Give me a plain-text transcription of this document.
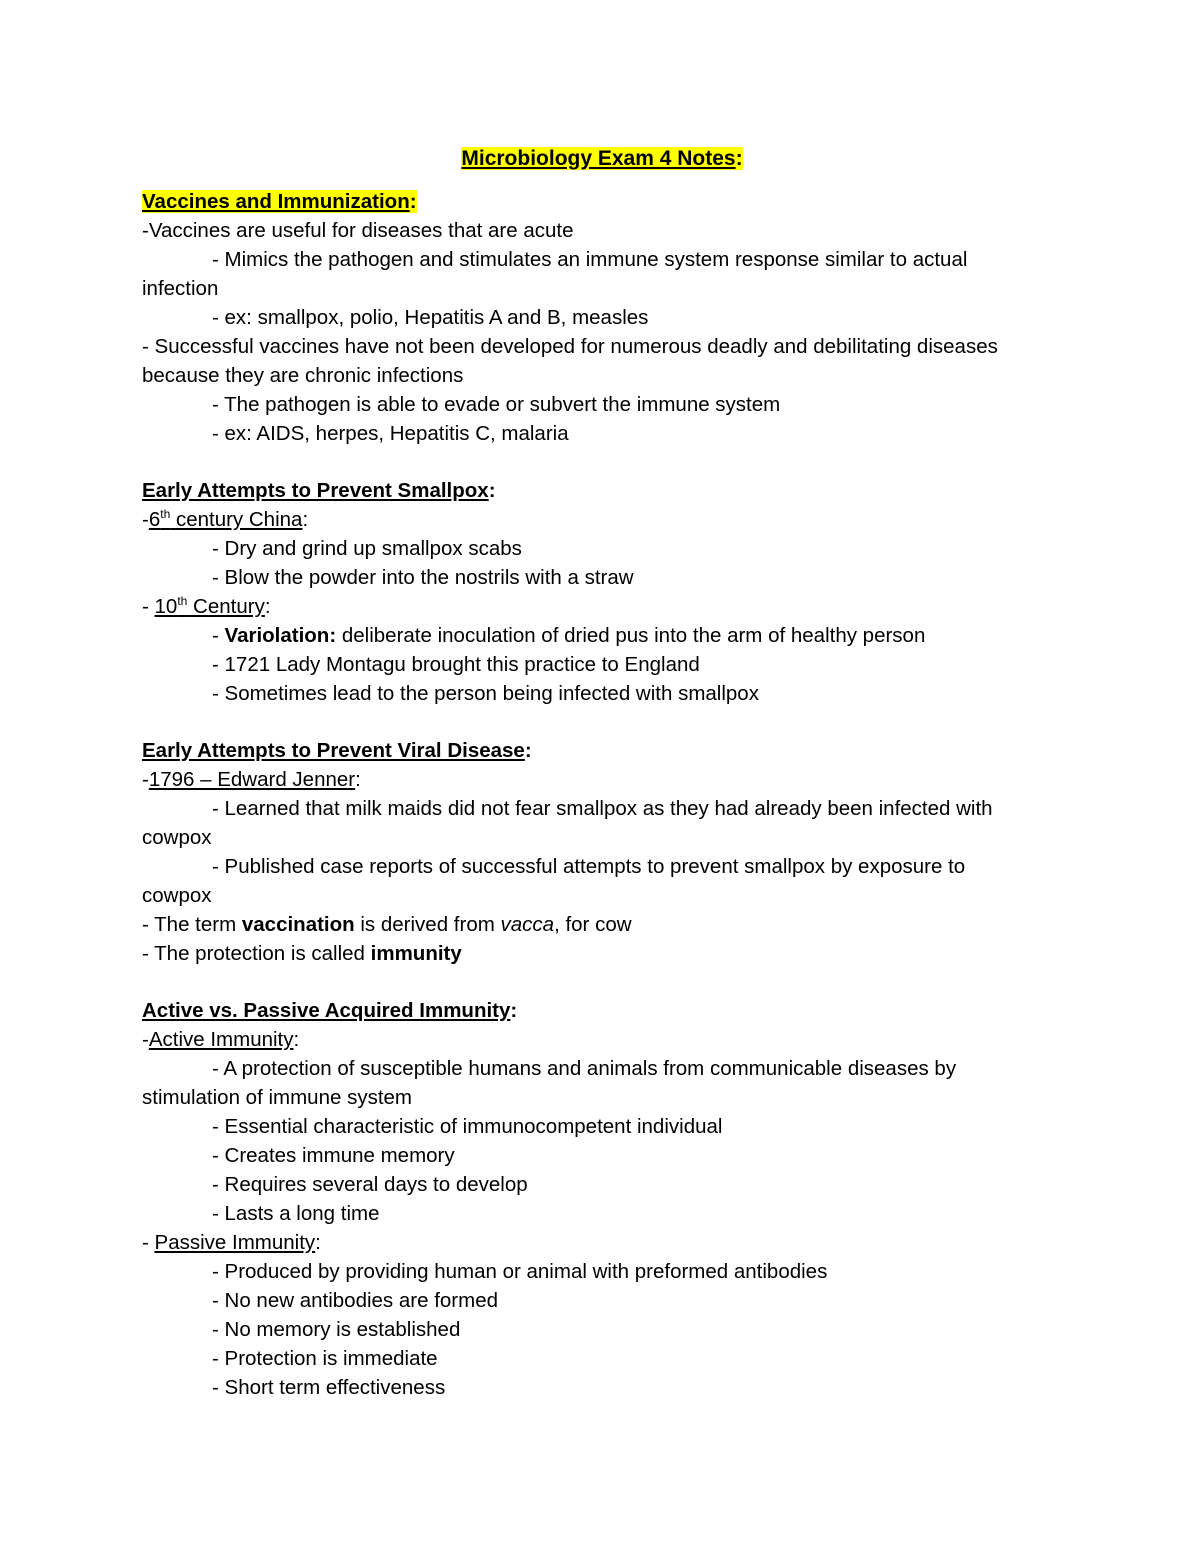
Microbiology Exam 4 Notes:
Vaccines and Immunization:
-Vaccines are useful for diseases that are acute
- Mimics the pathogen and stimulates an immune system response similar to actual
infection
- ex: smallpox, polio, Hepatitis A and B, measles
- Successful vaccines have not been developed for numerous deadly and debilitating diseases
because they are chronic infections
- The pathogen is able to evade or subvert the immune system
- ex: AIDS, herpes, Hepatitis C, malaria
Early Attempts to Prevent Smallpox:
-6th century China:
- Dry and grind up smallpox scabs
- Blow the powder into the nostrils with a straw
- 10th Century:
- Variolation: deliberate inoculation of dried pus into the arm of healthy person
- 1721 Lady Montagu brought this practice to England
- Sometimes lead to the person being infected with smallpox
Early Attempts to Prevent Viral Disease:
-1796 – Edward Jenner:
- Learned that milk maids did not fear smallpox as they had already been infected with
cowpox
- Published case reports of successful attempts to prevent smallpox by exposure to
cowpox
- The term vaccination is derived from vacca, for cow
- The protection is called immunity
Active vs. Passive Acquired Immunity:
-Active Immunity:
- A protection of susceptible humans and animals from communicable diseases by
stimulation of immune system
- Essential characteristic of immunocompetent individual
- Creates immune memory
- Requires several days to develop
- Lasts a long time
- Passive Immunity:
- Produced by providing human or animal with preformed antibodies
- No new antibodies are formed
- No memory is established
- Protection is immediate
- Short term effectiveness
